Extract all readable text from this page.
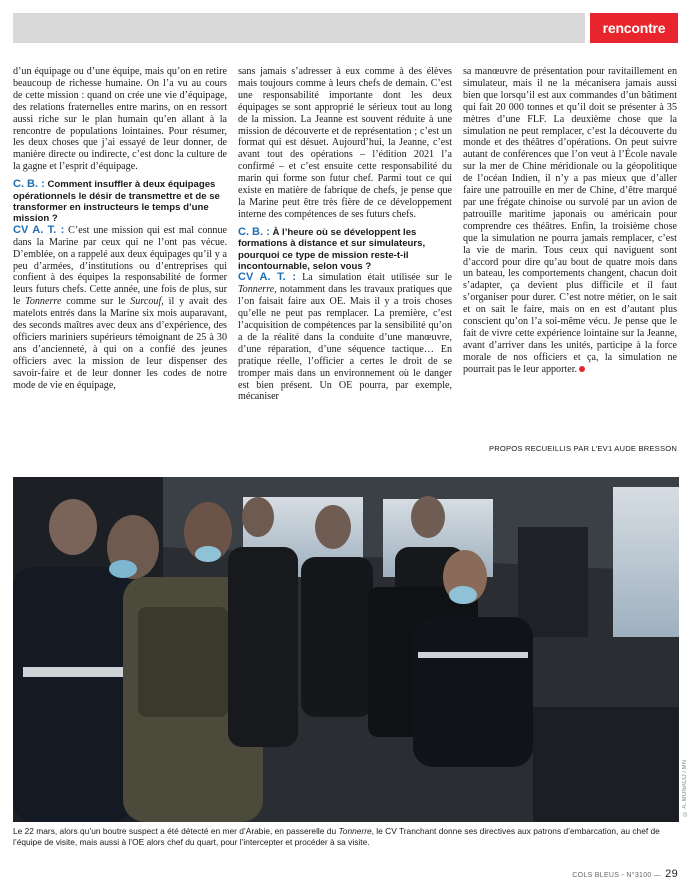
rencontre

d’un équipage ou d’une équipe, mais qu’on en retire beaucoup de richesse humaine. On l’a vu au cours de cette mission : quand on crée une vie d’équipage, des relations fraternelles entre marins, on en ressort aussi riche sur le plan humain qu’en allant à la rencontre de populations lointaines. Pour résumer, les deux choses que j’ai essayé de leur donner, de manière directe ou indirecte, c’est donc la culture de la gagne et l’esprit d’équipage.

C. B. : Comment insuffler à deux équipages opérationnels le désir de transmettre et de se transformer en instructeurs le temps d’une mission ?

CV A. T. : C’est une mission qui est mal connue dans la Marine par ceux qui ne l’ont pas vécue. D’emblée, on a rappelé aux deux équipages qu’il y a peu d’armées, d’institutions ou d’entreprises qui confient à des équipes la responsabilité de former leurs futurs chefs. Cette année, une fois de plus, sur le Tonnerre comme sur le Surcouf, il y avait des matelots entrés dans la Marine six mois auparavant, des seconds maîtres avec deux ans d’expérience, des officiers mariniers supérieurs témoignant de 25 à 30 ans d’ancienneté, à qui on a confié des jeunes officiers avec la mission de leur dispenser des savoir-faire et de leur donner les codes de notre mode de vie en équipage,

sans jamais s’adresser à eux comme à des élèves mais toujours comme à leurs chefs de demain. C’est une responsabilité importante dont les deux équipages se sont approprié le sérieux tout au long de la mission. La Jeanne est souvent réduite à une mission de découverte et de représentation ; c’est un format qui est désuet. Aujourd’hui, la Jeanne, c’est avant tout des opérations – l’édition 2021 l’a confirmé – et c’est ensuite cette responsabilité du marin qui forme son futur chef. Parmi tout ce qui existe en matière de fabrique de chefs, je pense que la Marine peut être très fière de ce développement interne des compétences de ses futurs chefs.

C. B. : À l’heure où se développent les formations à distance et sur simulateurs, pourquoi ce type de mission reste-t-il incontournable, selon vous ?

CV A. T. : La simulation était utilisée sur le Tonnerre, notamment dans les travaux pratiques que l’on faisait faire aux OE. Mais il y a trois choses qu’elle ne peut pas remplacer. La première, c’est l’acquisition de compétences par la sensibilité qu’on a de la réalité dans la conduite d’une manœuvre, d’une réparation, d’une séquence tactique… En pratique réelle, l’officier a certes le droit de se tromper mais dans un environnement où le danger est bien présent. Un OE pourra, par exemple, mécaniser

sa manœuvre de présentation pour ravitaillement en simulateur, mais il ne la mécanisera jamais aussi bien que lorsqu’il est aux commandes d’un bâtiment qui fait 20 000 tonnes et qu’il doit se présenter à 35 mètres d’une FLF. La deuxième chose que la simulation ne peut remplacer, c’est la découverte du monde et des théâtres d’opérations. On peut suivre autant de conférences que l’on veut à l’École navale sur la mer de Chine méridionale ou la géopolitique de l’océan Indien, il n’y a pas mieux que d’aller faire une patrouille en mer de Chine, d’être marqué par une frégate chinoise ou survolé par un avion de patrouille maritime japonais ou américain pour comprendre ces théâtres. Enfin, la troisième chose que la simulation ne pourra jamais remplacer, c’est la vie de marin. Tous ceux qui naviguent sont d’accord pour dire qu’au bout de quatre mois dans un bateau, les comportements changent, chacun doit s’adapter, ça devient plus difficile et il faut s’organiser pour durer. C’est notre métier, on le sait et on sait le faire, mais on en est d’autant plus conscient qu’on l’a soi-même vécu. Je pense que le fait de vivre cette expérience lointaine sur la Jeanne, avant d’arriver dans les unités, participe à la force morale de nos officiers et ça, la simulation ne pourrait pas le leur apporter.

PROPOS RECUEILLIS PAR L’EV1 AUDE BRESSON
© A. MONACO / MN
Le 22 mars, alors qu’un boutre suspect a été détecté en mer d’Arabie, en passerelle du Tonnerre, le CV Tranchant donne ses directives aux patrons d’embarcation, au chef de l’équipe de visite, mais aussi à l’OE alors chef du quart, pour l’intercepter et procéder à sa visite.
COLS BLEUS - N°3100 — 29
